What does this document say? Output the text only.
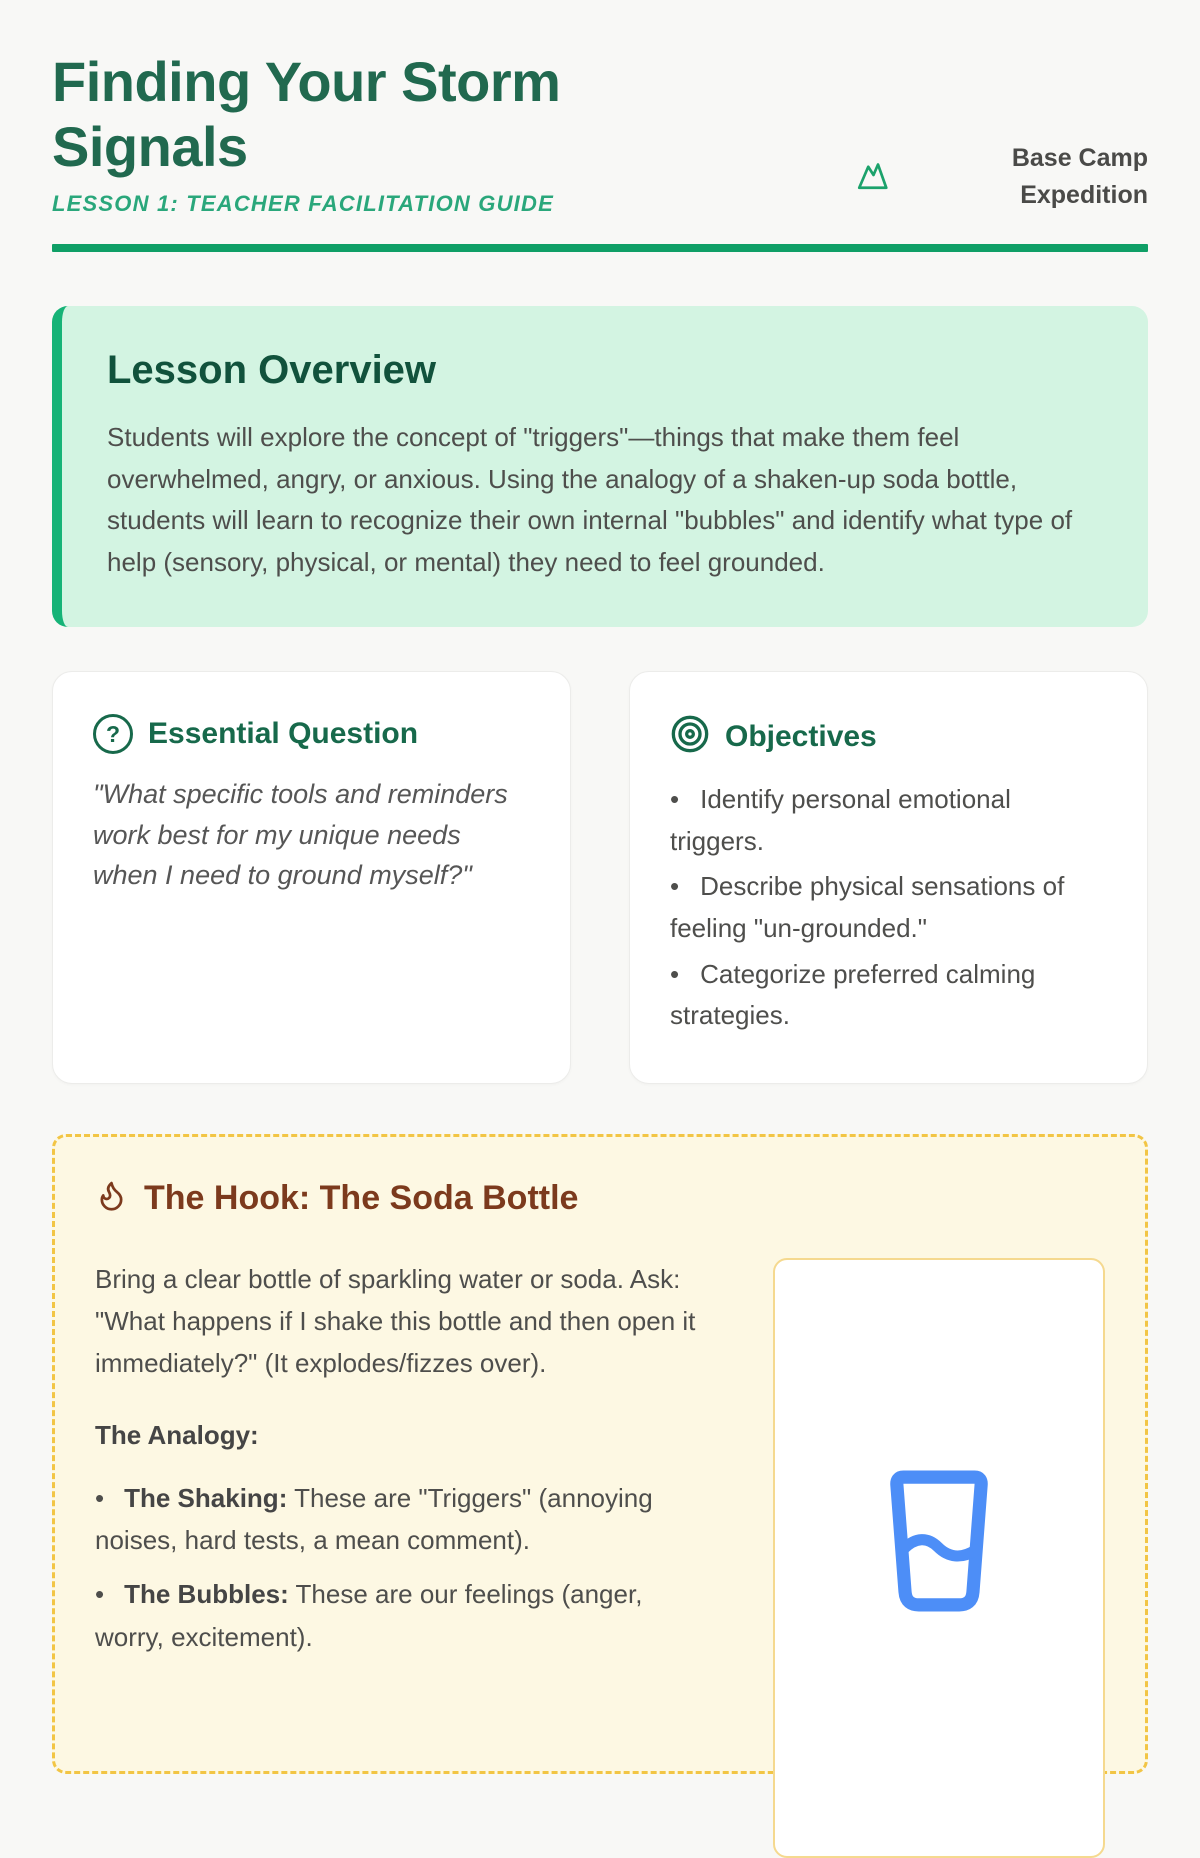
Finding Your Storm Signals
LESSON 1: TEACHER FACILITATION GUIDE
Base Camp
Expedition
Lesson Overview

Students will explore the concept of "triggers"—things that make them feel overwhelmed, angry, or anxious. Using the analogy of a shaken-up soda bottle, students will learn to recognize their own internal "bubbles" and identify what type of help (sensory, physical, or mental) they need to feel grounded.

?
Essential Question
"What specific tools and reminders work best for my unique needs when I need to ground myself?"
Objectives
• Identify personal emotional triggers.
• Describe physical sensations of feeling "un-grounded."
• Categorize preferred calming strategies.
The Hook: The Soda Bottle

Bring a clear bottle of sparkling water or soda. Ask: "What happens if I shake this bottle and then open it immediately?" (It explodes/fizzes over).

The Analogy:

• The Shaking: These are "Triggers" (annoying noises, hard tests, a mean comment).
• The Bubbles: These are our feelings (anger, worry, excitement).
